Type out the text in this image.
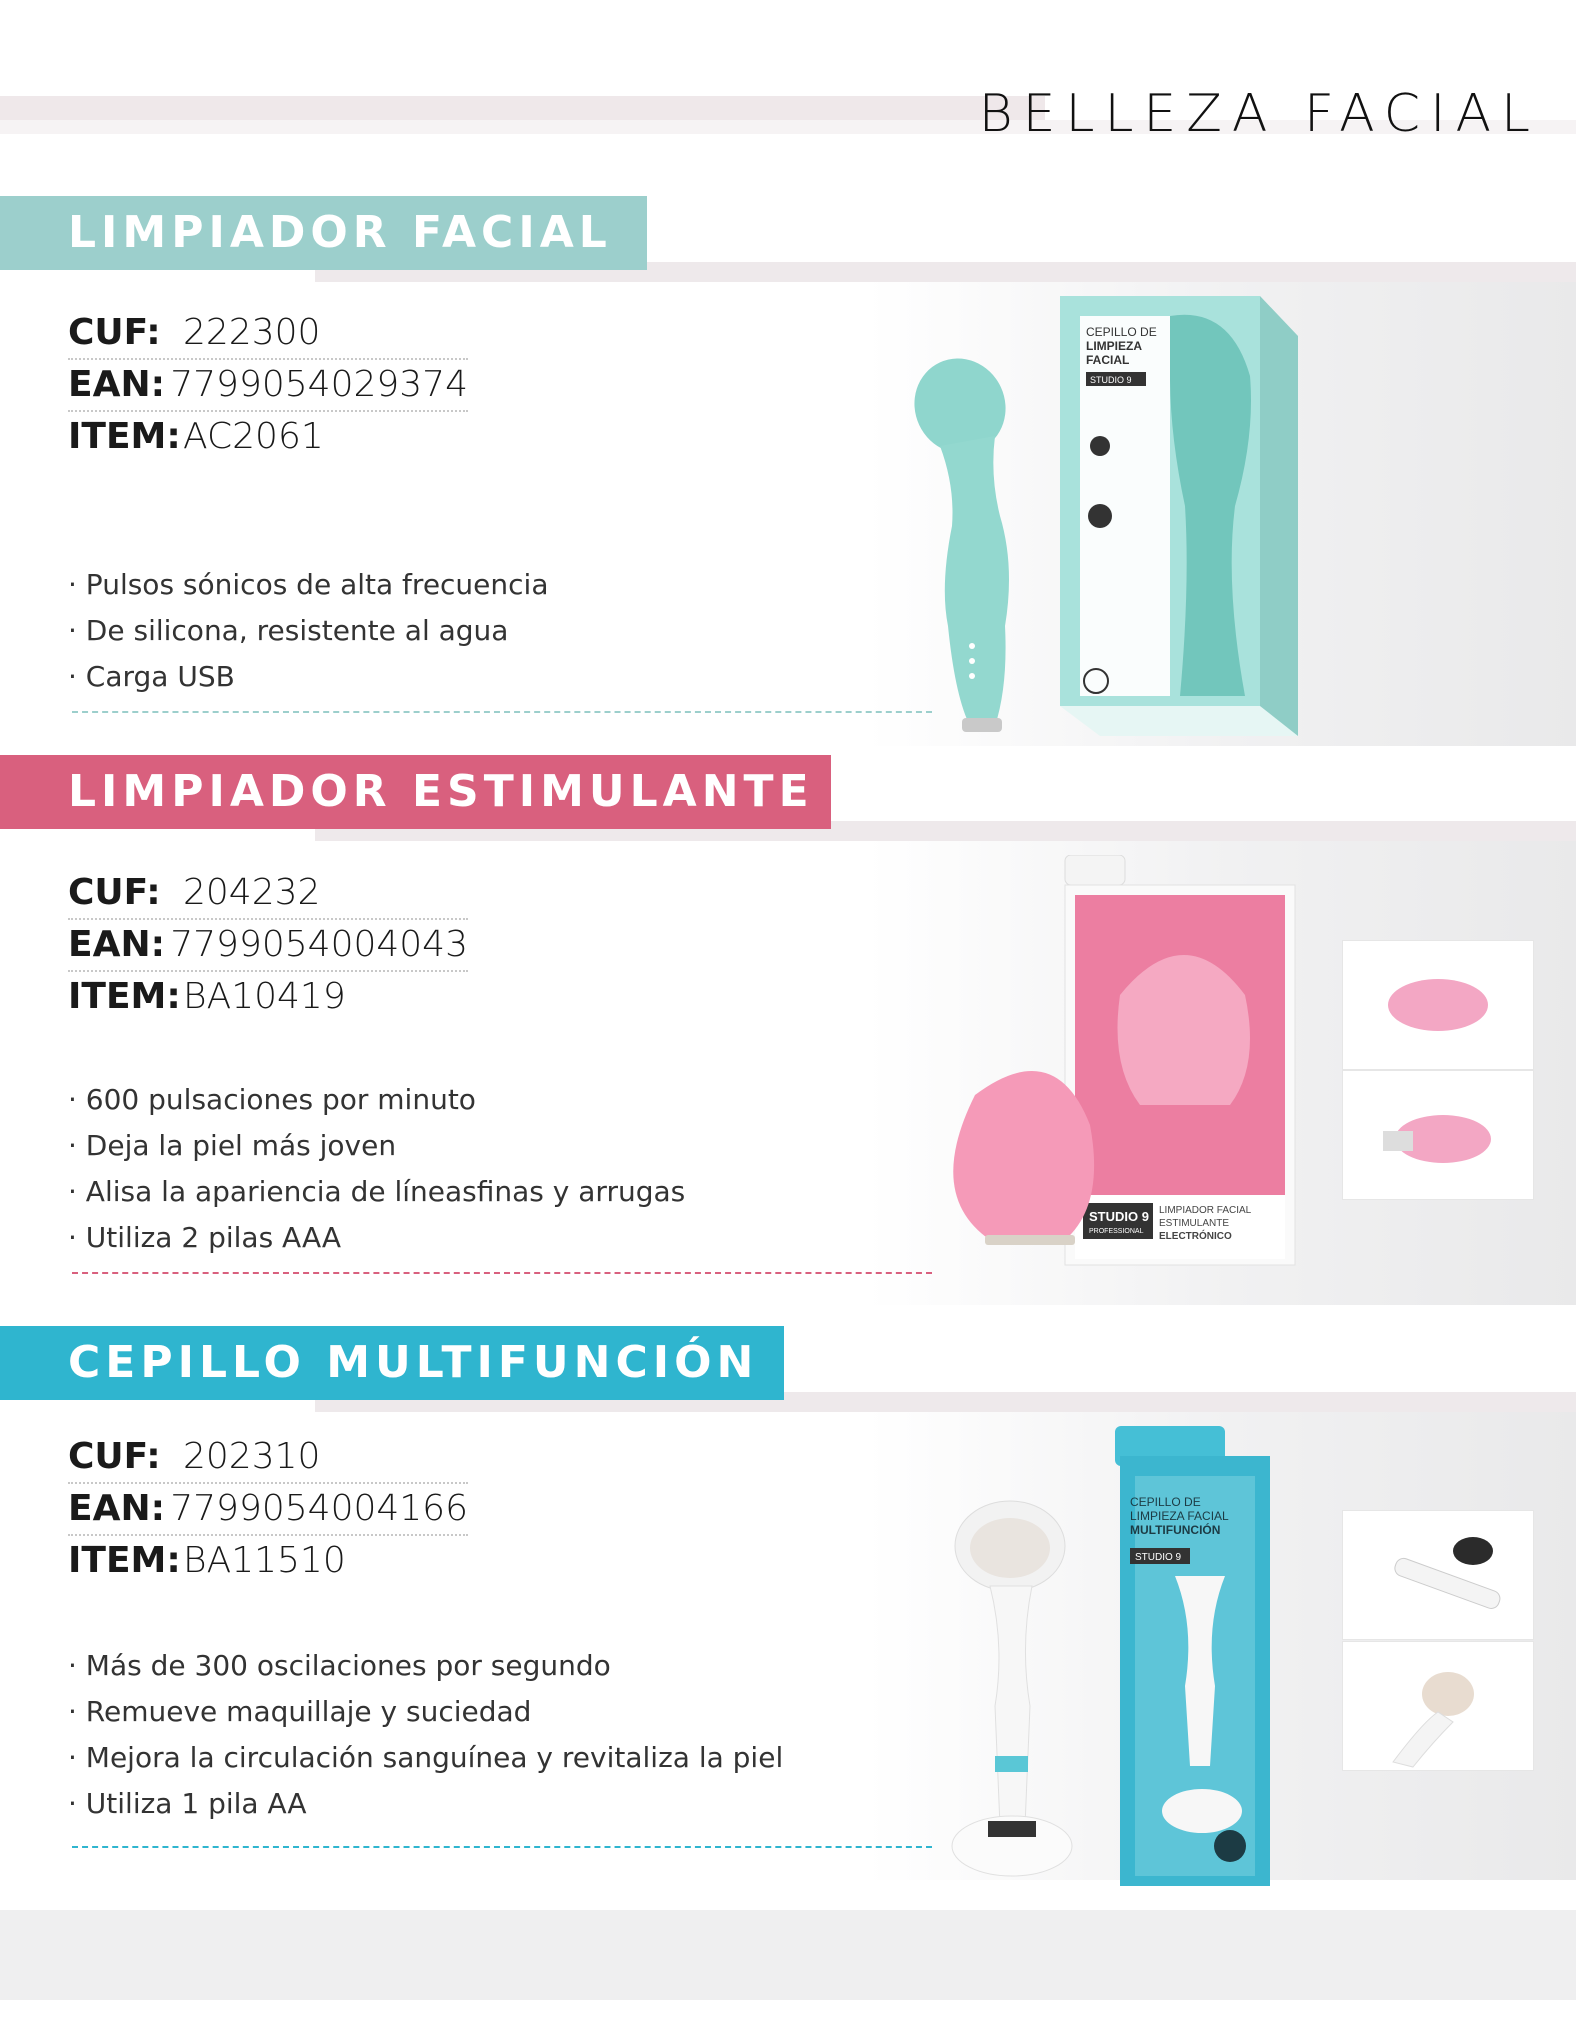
BELLEZA FACIAL
LIMPIADOR FACIAL
CUF: 222300
EAN: 7799054029374
ITEM: AC2061
· Pulsos sónicos de alta frecuencia
· De silicona, resistente al agua
· Carga USB
CEPILLO DE
LIMPIEZA
FACIAL
STUDIO 9
LIMPIADOR ESTIMULANTE
CUF: 204232
EAN: 7799054004043
ITEM: BA10419
· 600 pulsaciones por minuto
· Deja la piel más joven
· Alisa la apariencia de líneasfinas y arrugas
· Utiliza 2 pilas AAA
STUDIO 9
PROFESSIONAL
LIMPIADOR FACIAL
ESTIMULANTE
ELECTRÓNICO
CEPILLO MULTIFUNCIÓN
CUF: 202310
EAN: 7799054004166
ITEM: BA11510
· Más de 300 oscilaciones por segundo
· Remueve maquillaje y suciedad
· Mejora la circulación sanguínea y revitaliza la piel
· Utiliza 1 pila AA
CEPILLO DE
LIMPIEZA FACIAL
MULTIFUNCIÓN
STUDIO 9
